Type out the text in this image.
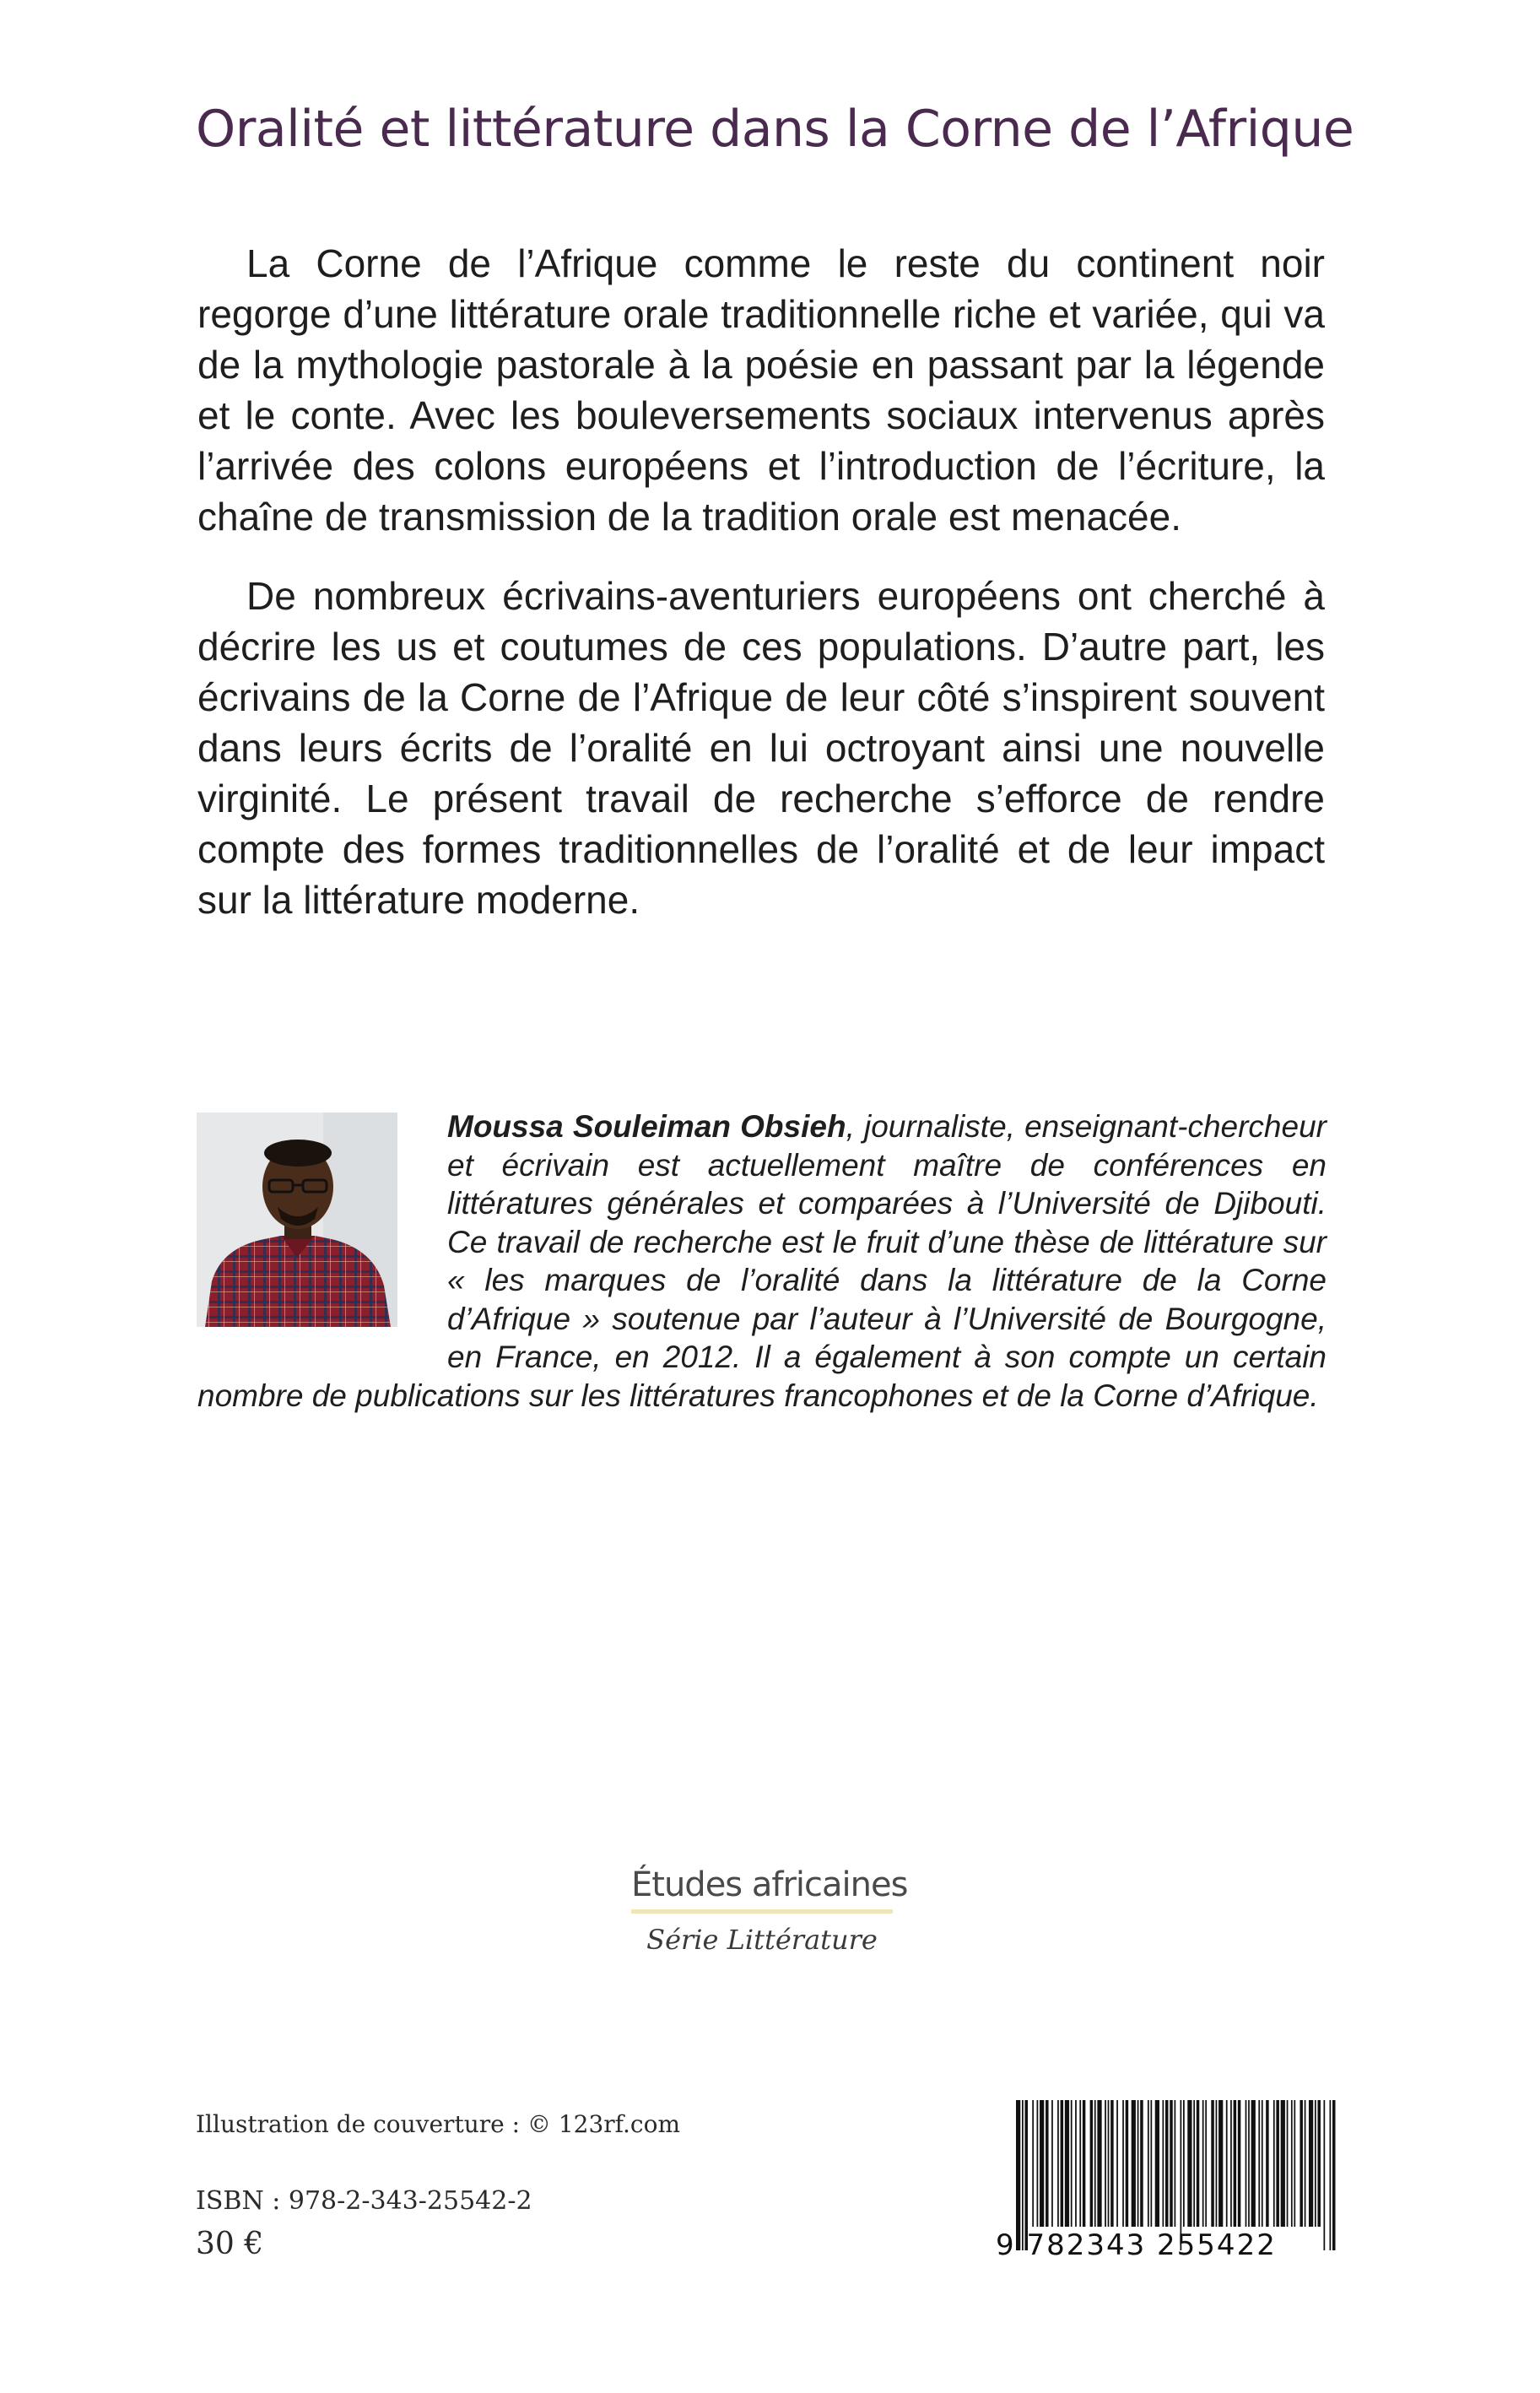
Oralité et littérature dans la Corne de l’Afrique

La Corne de l’Afrique comme le reste du continent noir regorge d’une littérature orale traditionnelle riche et variée, qui va de la mythologie pastorale à la poésie en passant par la légende et le conte. Avec les bouleversements sociaux intervenus après l’arrivée des colons européens et l’introduction de l’écriture, la chaîne de transmission de la tradition orale est menacée.

De nombreux écrivains-aventuriers européens ont cherché à décrire les us et coutumes de ces populations. D’autre part, les écrivains de la Corne de l’Afrique de leur côté s’inspirent souvent dans leurs écrits de l’oralité en lui octroyant ainsi une nouvelle virginité. Le présent travail de recherche s’efforce de rendre compte des formes traditionnelles de l’oralité et de leur impact sur la littérature moderne.

Moussa Souleiman Obsieh, journaliste, enseignant-chercheur et écrivain est actuellement maître de conférences en littératures générales et comparées à l’Université de Djibouti. Ce travail de recherche est le fruit d’une thèse de littérature sur « les marques de l’oralité dans la littérature de la Corne d’Afrique » soutenue par l’auteur à l’Université de Bourgogne, en France, en 2012. Il a également à son compte un certain nombre de publications sur les littératures francophones et de la Corne d’Afrique.

Études africaines
Série Littérature
Illustration de couverture : © 123rf.com
ISBN : 978-2-343-25542-2
30 €	9 782343 255422
